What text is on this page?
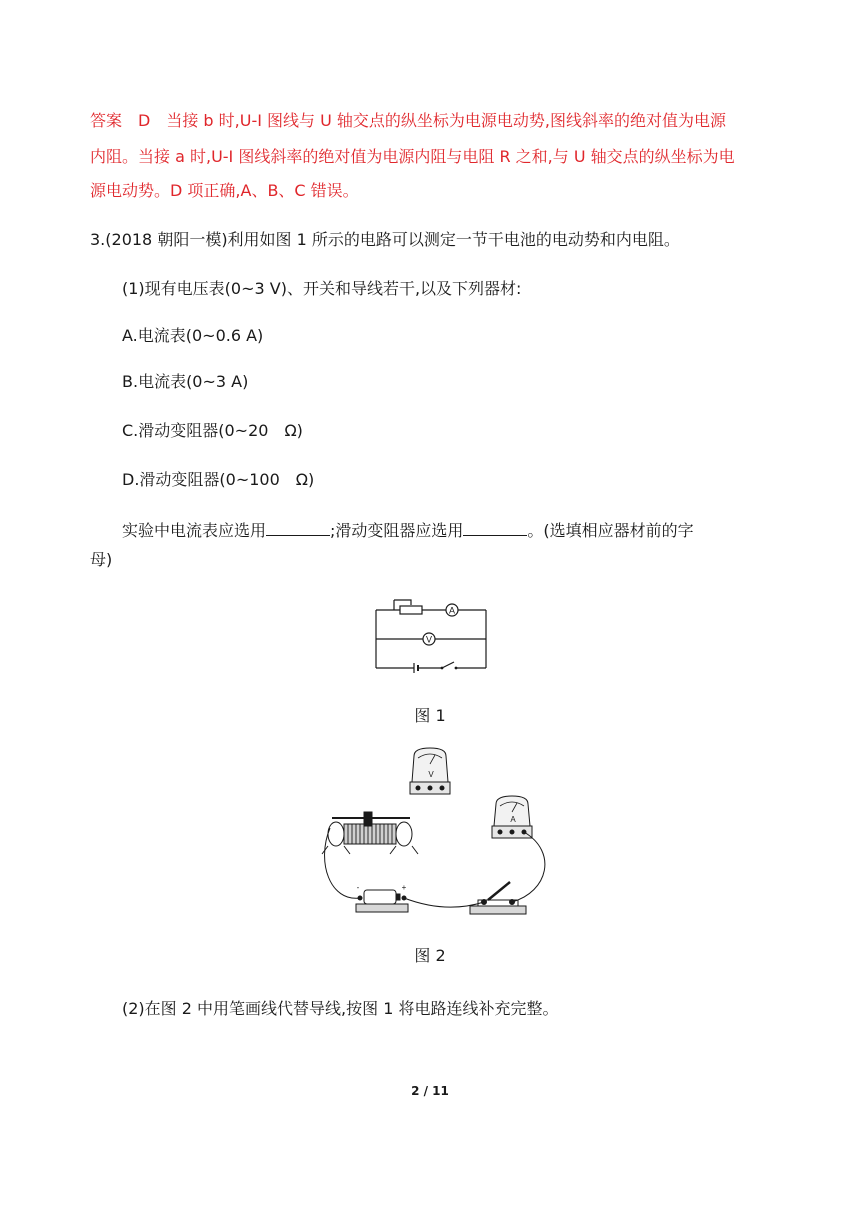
答案　D　当接 b 时,U-I 图线与 U 轴交点的纵坐标为电源电动势,图线斜率的绝对值为电源
内阻。当接 a 时,U-I 图线斜率的绝对值为电源内阻与电阻 R 之和,与 U 轴交点的纵坐标为电
源电动势。D 项正确,A、B、C 错误。
3.(2018 朝阳一模)利用如图 1 所示的电路可以测定一节干电池的电动势和内电阻。
(1)现有电压表(0~3 V)、开关和导线若干,以及下列器材:
A.电流表(0~0.6 A)
B.电流表(0~3 A)
C.滑动变阻器(0~20　Ω)
D.滑动变阻器(0~100　Ω)
实验中电流表应选用	;滑动变阻器应选用	。(选填相应器材前的字
母)
A
V
图 1
V
A
+
-
图 2
(2)在图 2 中用笔画线代替导线,按图 1 将电路连线补充完整。
2 / 11
